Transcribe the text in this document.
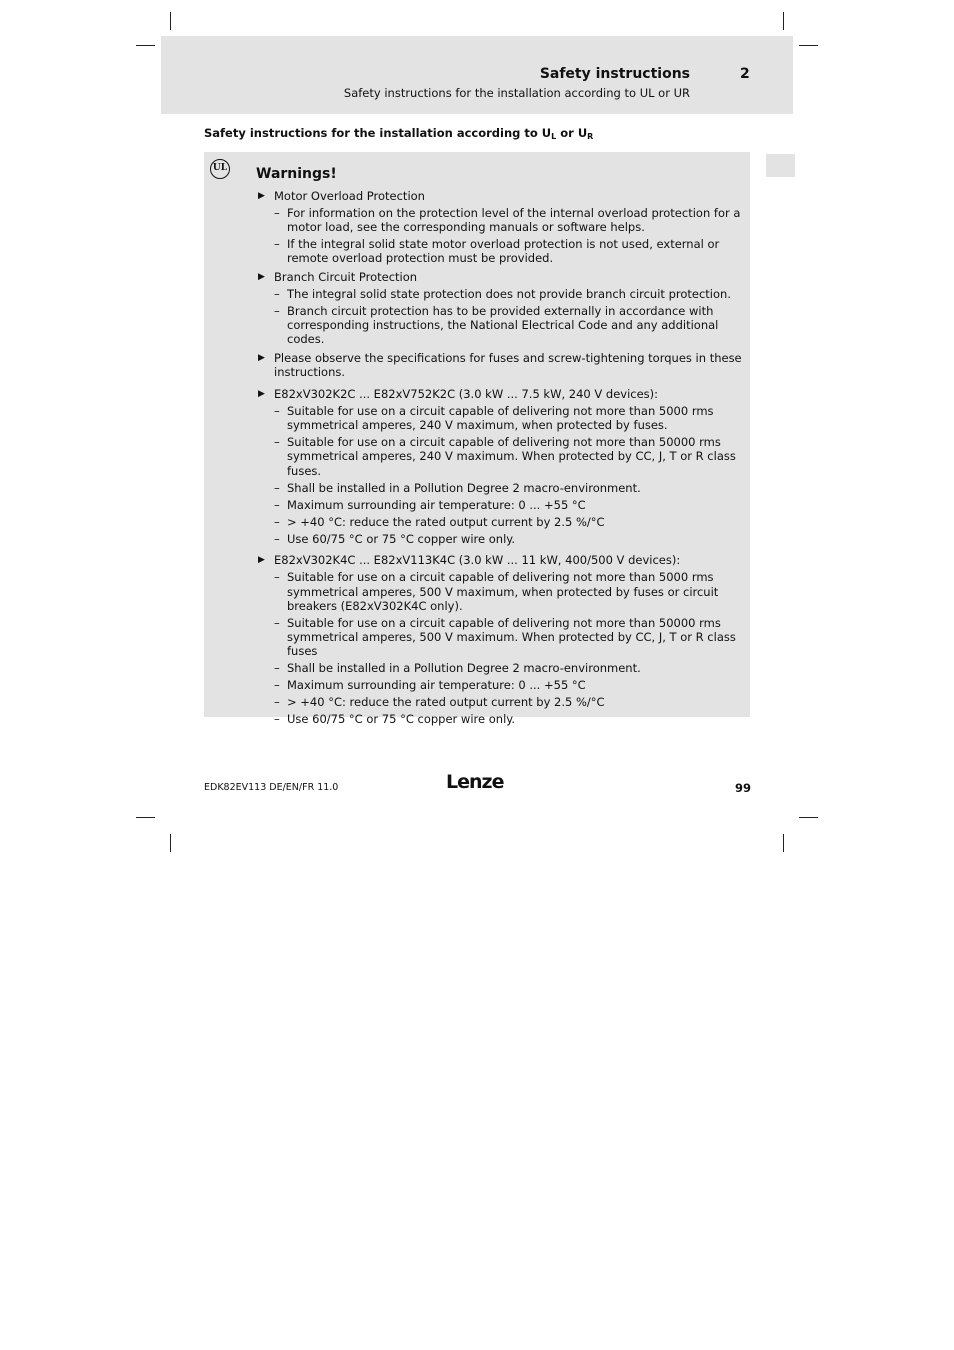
Safety instructions	2
Safety instructions for the installation according to UL or UR
Safety instructions for the installation according to $U_L$ or $U_R$
UL Warnings!
▶ Motor Overload Protection
– For information on the protection level of the internal overload protection for a motor load, see the corresponding manuals or software helps.
– If the integral solid state motor overload protection is not used, external or remote overload protection must be provided.
▶ Branch Circuit Protection
– The integral solid state protection does not provide branch circuit protection.
– Branch circuit protection has to be provided externally in accordance with corresponding instructions, the National Electrical Code and any additional codes.
▶ Please observe the specifications for fuses and screw-tightening torques in these instructions.
▶ E82xV302K2C ... E82xV752K2C (3.0 kW ... 7.5 kW, 240 V devices):
– Suitable for use on a circuit capable of delivering not more than 5000 rms symmetrical amperes, 240 V maximum, when protected by fuses.
– Suitable for use on a circuit capable of delivering not more than 50000 rms symmetrical amperes, 240 V maximum. When protected by CC, J, T or R class fuses.
– Shall be installed in a Pollution Degree 2 macro-environment.
– Maximum surrounding air temperature: 0 ... +55 °C
– > +40 °C: reduce the rated output current by 2.5 %/°C
– Use 60/75 °C or 75 °C copper wire only.
▶ E82xV302K4C ... E82xV113K4C (3.0 kW ... 11 kW, 400/500 V devices):
– Suitable for use on a circuit capable of delivering not more than 5000 rms symmetrical amperes, 500 V maximum, when protected by fuses or circuit breakers (E82xV302K4C only).
– Suitable for use on a circuit capable of delivering not more than 50000 rms symmetrical amperes, 500 V maximum. When protected by CC, J, T or R class fuses
– Shall be installed in a Pollution Degree 2 macro-environment.
– Maximum surrounding air temperature: 0 ... +55 °C
– > +40 °C: reduce the rated output current by 2.5 %/°C
– Use 60/75 °C or 75 °C copper wire only.
EDK82EV113 DE/EN/FR 11.0	Lenze	99
